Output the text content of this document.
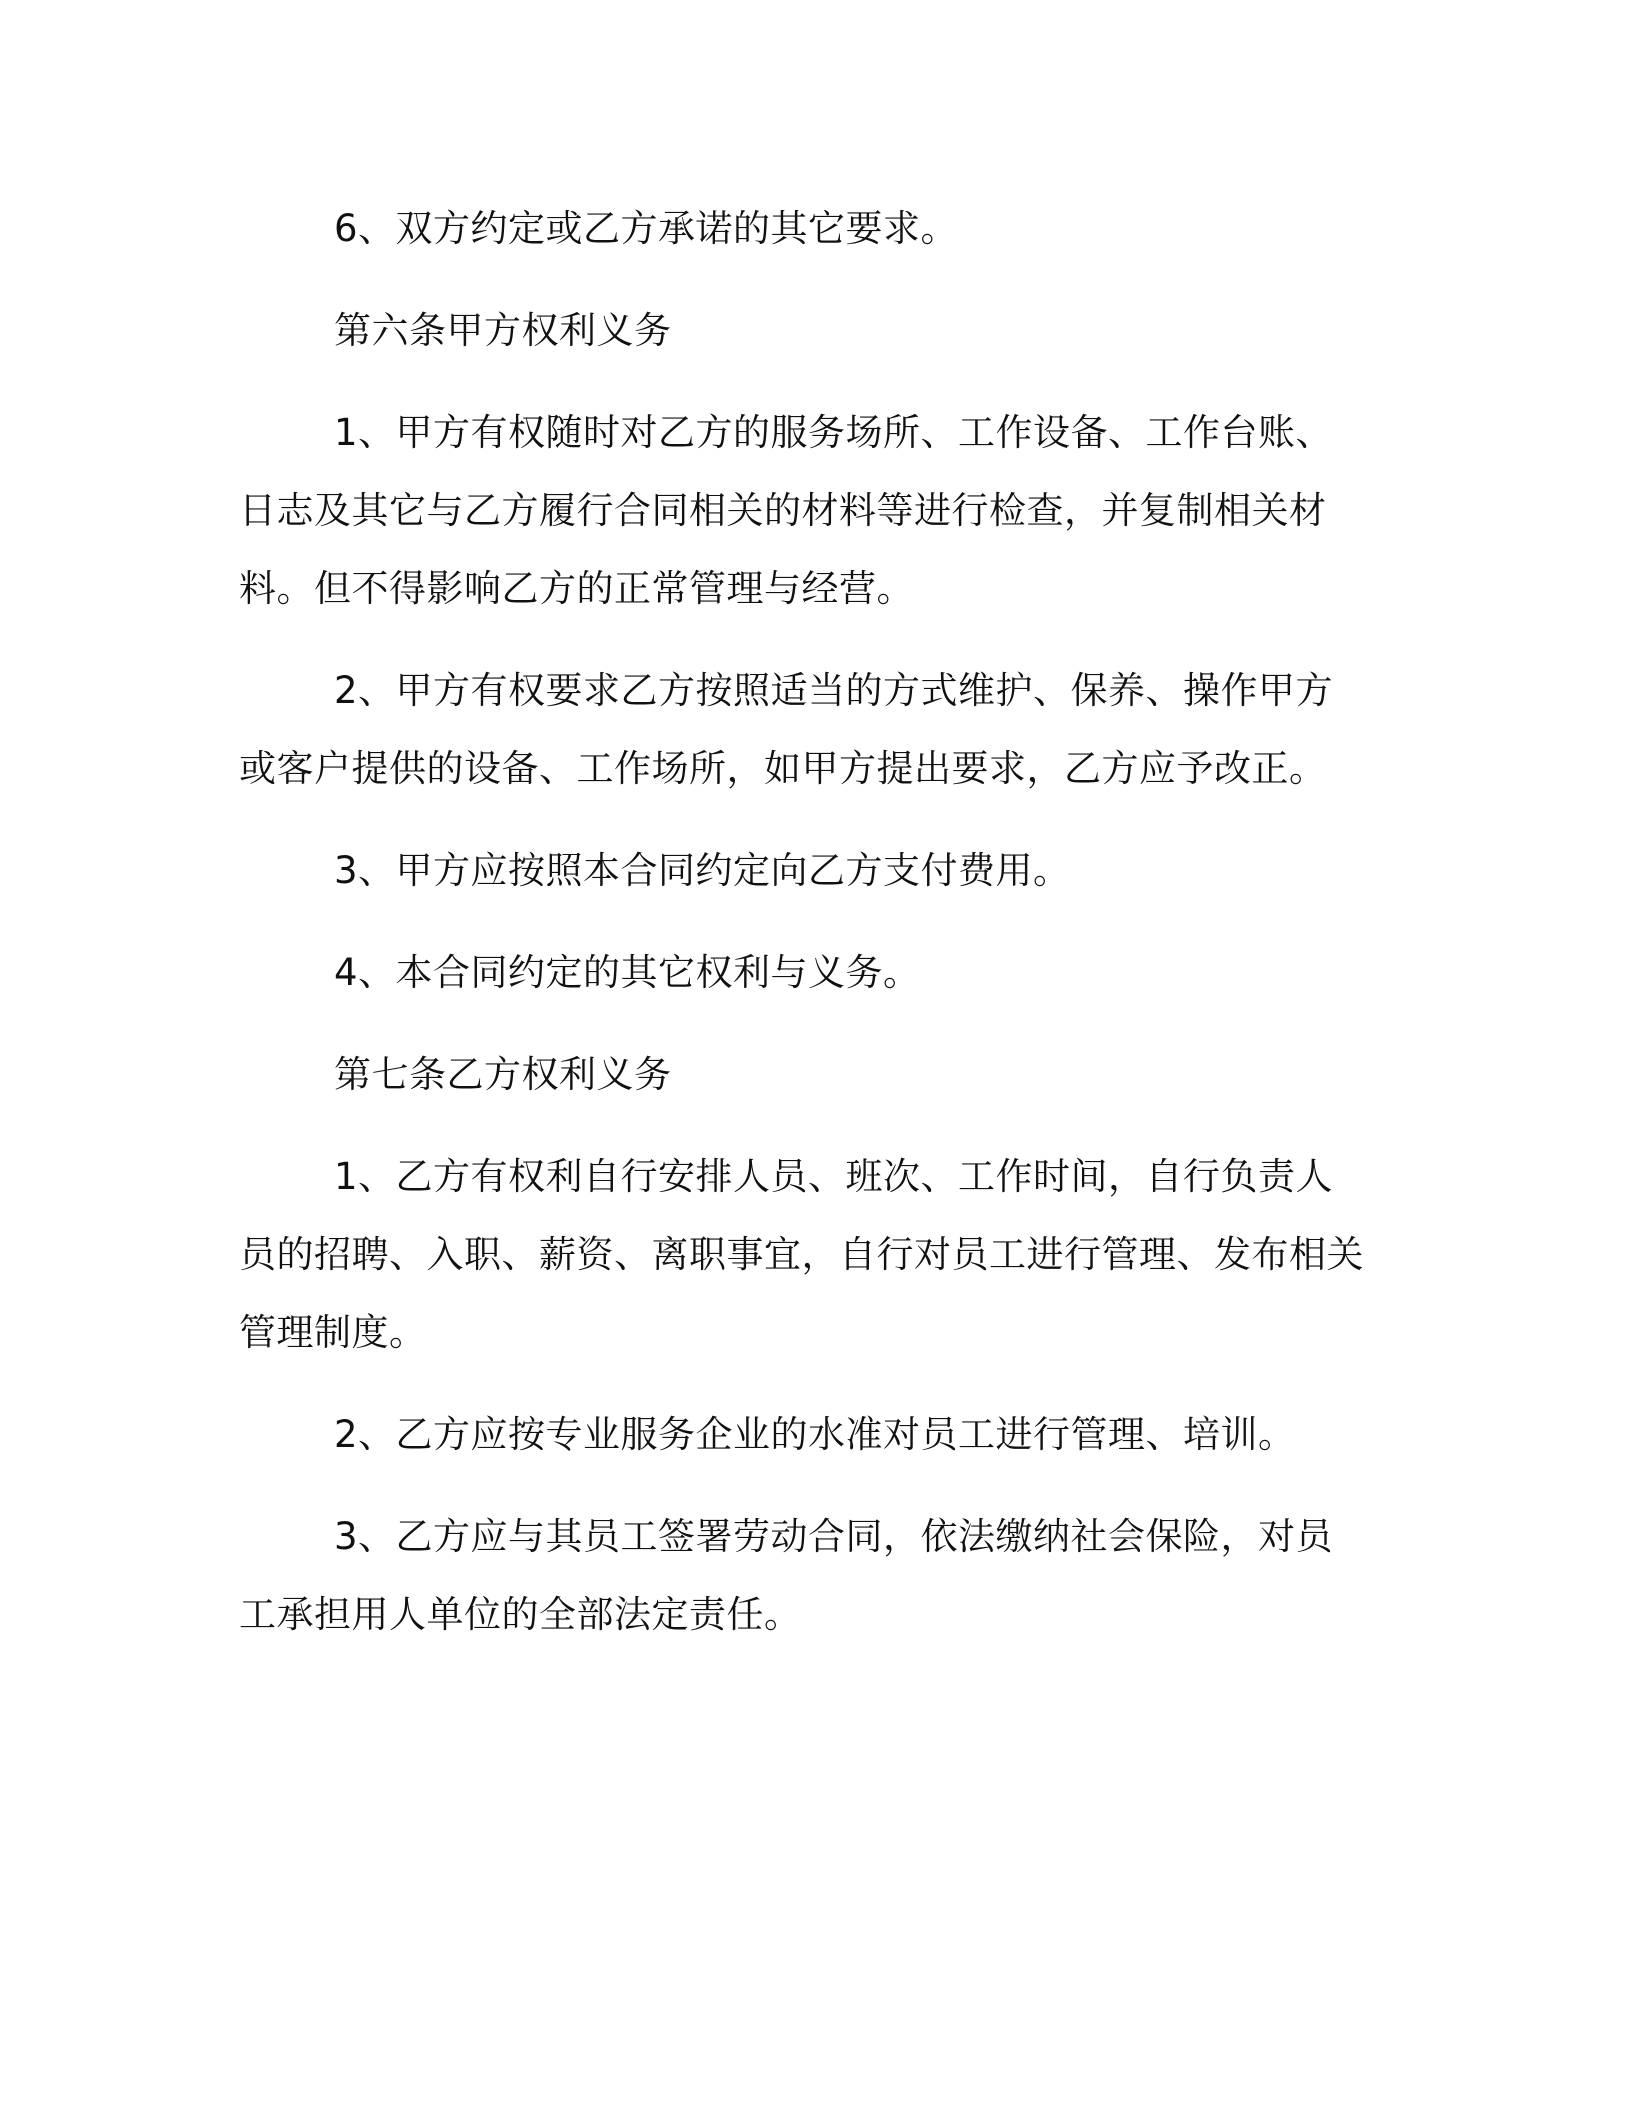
6、双方约定或乙方承诺的其它要求。

第六条甲方权利义务

1、甲方有权随时对乙方的服务场所、工作设备、工作台账、日志及其它与乙方履行合同相关的材料等进行检查，并复制相关材料。但不得影响乙方的正常管理与经营。

2、甲方有权要求乙方按照适当的方式维护、保养、操作甲方或客户提供的设备、工作场所，如甲方提出要求，乙方应予改正。

3、甲方应按照本合同约定向乙方支付费用。

4、本合同约定的其它权利与义务。

第七条乙方权利义务

1、乙方有权利自行安排人员、班次、工作时间，自行负责人员的招聘、入职、薪资、离职事宜，自行对员工进行管理、发布相关管理制度。

2、乙方应按专业服务企业的水准对员工进行管理、培训。

3、乙方应与其员工签署劳动合同，依法缴纳社会保险，对员工承担用人单位的全部法定责任。
